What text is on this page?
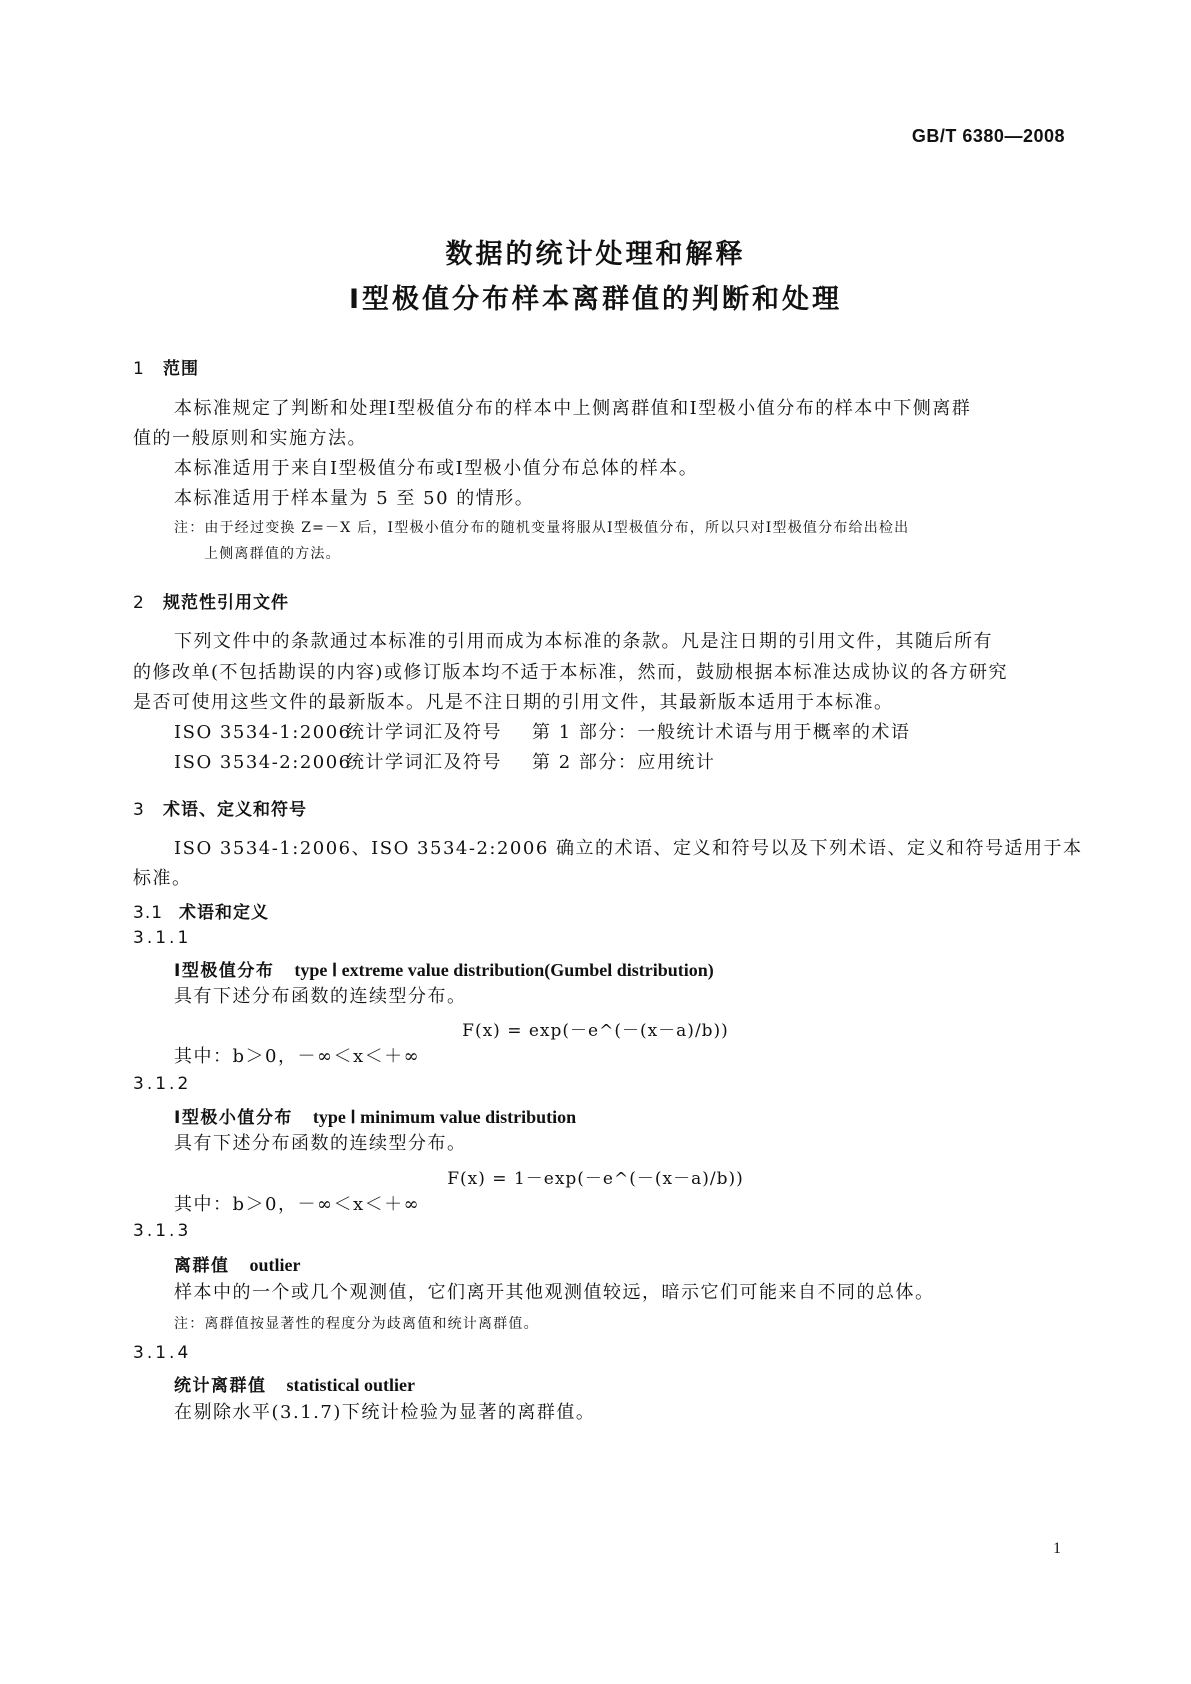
GB/T 6380—2008
数据的统计处理和解释
Ⅰ型极值分布样本离群值的判断和处理
1 范围
本标准规定了判断和处理Ⅰ型极值分布的样本中上侧离群值和Ⅰ型极小值分布的样本中下侧离群
值的一般原则和实施方法。
本标准适用于来自Ⅰ型极值分布或Ⅰ型极小值分布总体的样本。
本标准适用于样本量为 5 至 50 的情形。
注：由于经过变换 Z=－X 后，Ⅰ型极小值分布的随机变量将服从Ⅰ型极值分布，所以只对Ⅰ型极值分布给出检出
上侧离群值的方法。
2 规范性引用文件
下列文件中的条款通过本标准的引用而成为本标准的条款。凡是注日期的引用文件，其随后所有
的修改单(不包括勘误的内容)或修订版本均不适于本标准，然而，鼓励根据本标准达成协议的各方研究
是否可使用这些文件的最新版本。凡是不注日期的引用文件，其最新版本适用于本标准。
ISO 3534-1:2006统计学词汇及符号 第 1 部分：一般统计术语与用于概率的术语
ISO 3534-2:2006统计学词汇及符号 第 2 部分：应用统计
3 术语、定义和符号
ISO 3534-1:2006、ISO 3534-2:2006 确立的术语、定义和符号以及下列术语、定义和符号适用于本
标准。
3.1 术语和定义
3.1.1
Ⅰ型极值分布 type Ⅰ extreme value distribution(Gumbel distribution)
具有下述分布函数的连续型分布。
F(x) = exp(－e^(－(x－a)/b))
其中：b＞0，－∞＜x＜＋∞
3.1.2
Ⅰ型极小值分布 type Ⅰ minimum value distribution
具有下述分布函数的连续型分布。
F(x) = 1－exp(－e^(－(x－a)/b))
其中：b＞0，－∞＜x＜＋∞
3.1.3
离群值 outlier
样本中的一个或几个观测值，它们离开其他观测值较远，暗示它们可能来自不同的总体。
注：离群值按显著性的程度分为歧离值和统计离群值。
3.1.4
统计离群值 statistical outlier
在剔除水平(3.1.7)下统计检验为显著的离群值。
1
